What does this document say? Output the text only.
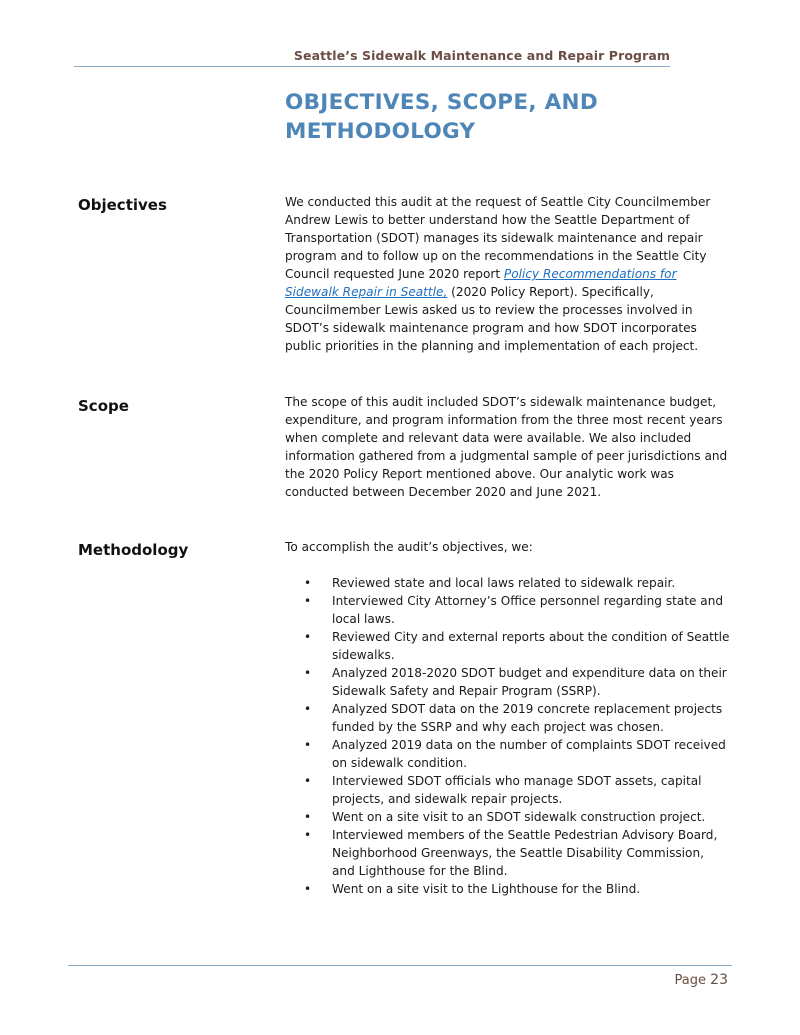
Seattle’s Sidewalk Maintenance and Repair Program
OBJECTIVES, SCOPE, AND
METHODOLOGY
Objectives	We conducted this audit at the request of Seattle City Councilmember Andrew Lewis to better understand how the Seattle Department of Transportation (SDOT) manages its sidewalk maintenance and repair program and to follow up on the recommendations in the Seattle City Council requested June 2020 report Policy Recommendations for Sidewalk Repair in Seattle, (2020 Policy Report). Specifically, Councilmember Lewis asked us to review the processes involved in SDOT’s sidewalk maintenance program and how SDOT incorporates public priorities in the planning and implementation of each project.

Scope	The scope of this audit included SDOT’s sidewalk maintenance budget, expenditure, and program information from the three most recent years when complete and relevant data were available. We also included information gathered from a judgmental sample of peer jurisdictions and the 2020 Policy Report mentioned above. Our analytic work was conducted between December 2020 and June 2021.

Methodology	To accomplish the audit’s objectives, we:

• Reviewed state and local laws related to sidewalk repair.
• Interviewed City Attorney’s Office personnel regarding state and local laws.
• Reviewed City and external reports about the condition of Seattle sidewalks.
• Analyzed 2018-2020 SDOT budget and expenditure data on their Sidewalk Safety and Repair Program (SSRP).
• Analyzed SDOT data on the 2019 concrete replacement projects funded by the SSRP and why each project was chosen.
• Analyzed 2019 data on the number of complaints SDOT received on sidewalk condition.
• Interviewed SDOT officials who manage SDOT assets, capital projects, and sidewalk repair projects.
• Went on a site visit to an SDOT sidewalk construction project.
• Interviewed members of the Seattle Pedestrian Advisory Board, Neighborhood Greenways, the Seattle Disability Commission, and Lighthouse for the Blind.
• Went on a site visit to the Lighthouse for the Blind.
Page 23
